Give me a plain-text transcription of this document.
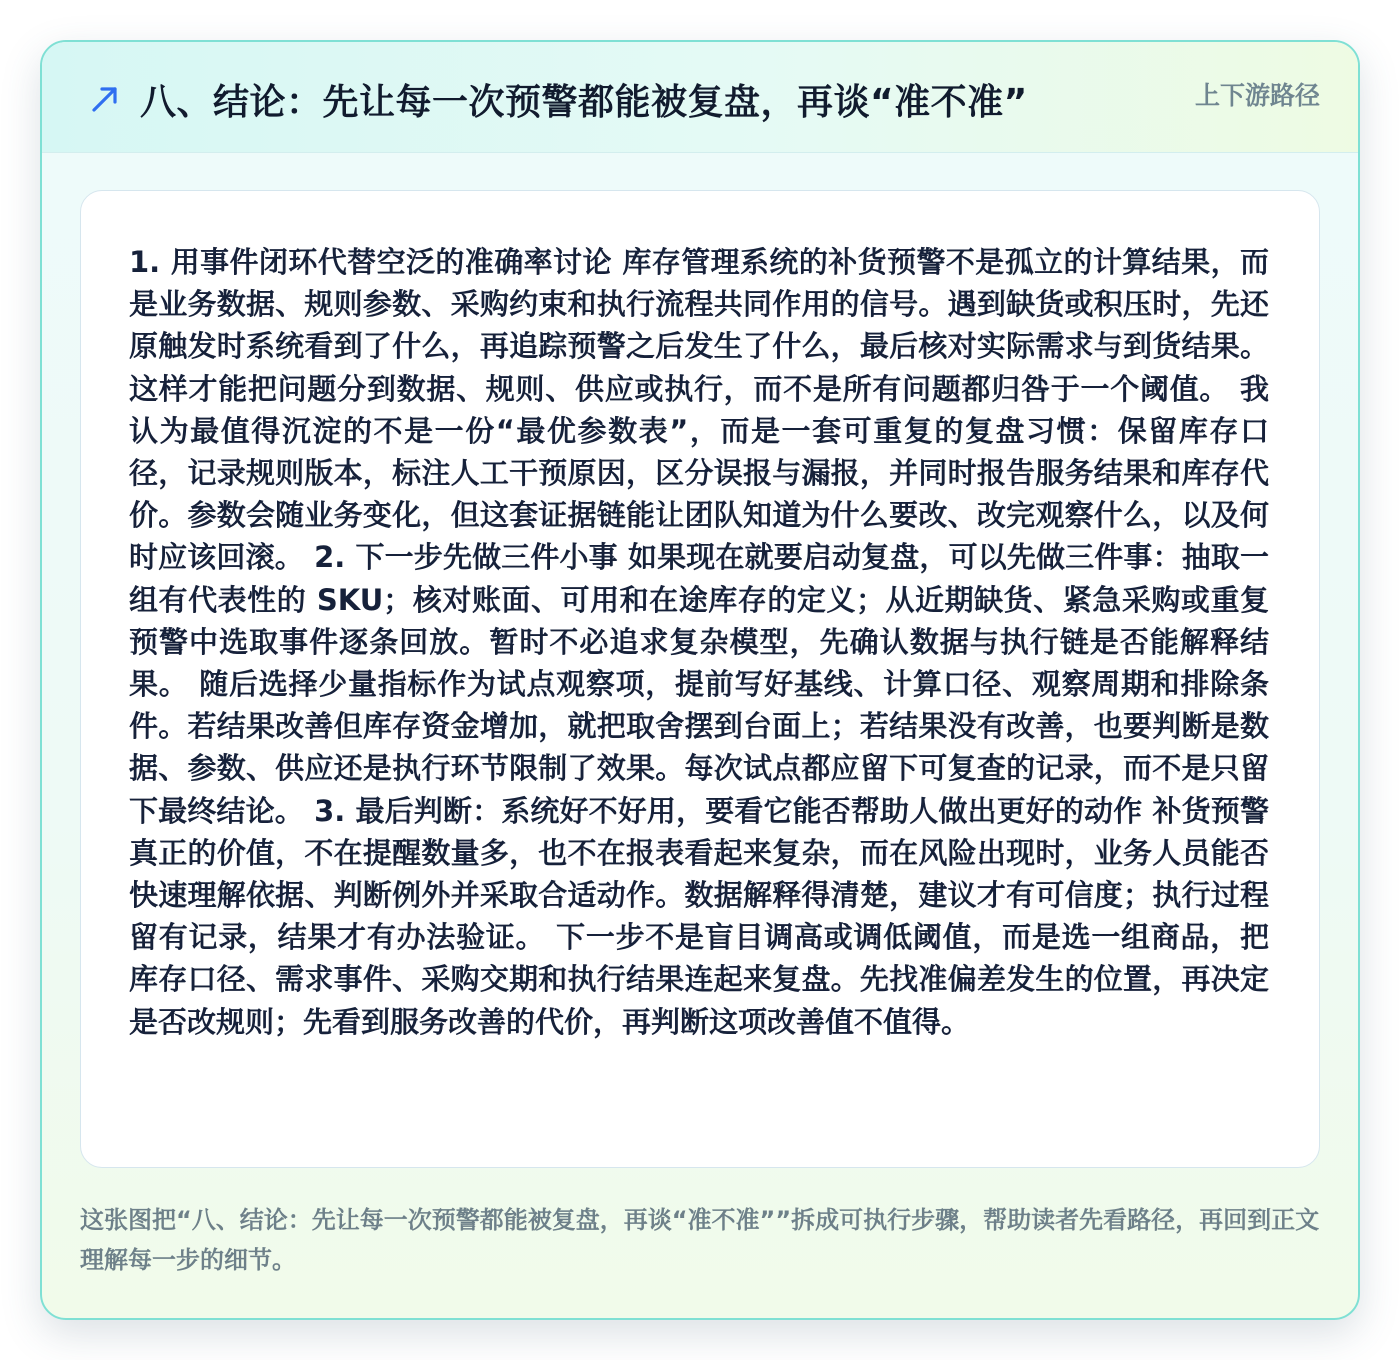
八、结论：先让每一次预警都能被复盘，再谈“准不准”	上下游路径

1. 用事件闭环代替空泛的准确率讨论 库存管理系统的补货预警不是孤立的计算结果，而是业务数据、规则参数、采购约束和执行流程共同作用的信号。遇到缺货或积压时，先还原触发时系统看到了什么，再追踪预警之后发生了什么，最后核对实际需求与到货结果。这样才能把问题分到数据、规则、供应或执行，而不是所有问题都归咎于一个阈值。 我认为最值得沉淀的不是一份“最优参数表”，而是一套可重复的复盘习惯：保留库存口径，记录规则版本，标注人工干预原因，区分误报与漏报，并同时报告服务结果和库存代价。参数会随业务变化，但这套证据链能让团队知道为什么要改、改完观察什么，以及何时应该回滚。 2. 下一步先做三件小事 如果现在就要启动复盘，可以先做三件事：抽取一组有代表性的 SKU；核对账面、可用和在途库存的定义；从近期缺货、紧急采购或重复预警中选取事件逐条回放。暂时不必追求复杂模型，先确认数据与执行链是否能解释结果。 随后选择少量指标作为试点观察项，提前写好基线、计算口径、观察周期和排除条件。若结果改善但库存资金增加，就把取舍摆到台面上；若结果没有改善，也要判断是数据、参数、供应还是执行环节限制了效果。每次试点都应留下可复查的记录，而不是只留下最终结论。 3. 最后判断：系统好不好用，要看它能否帮助人做出更好的动作 补货预警真正的价值，不在提醒数量多，也不在报表看起来复杂，而在风险出现时，业务人员能否快速理解依据、判断例外并采取合适动作。数据解释得清楚，建议才有可信度；执行过程留有记录，结果才有办法验证。 下一步不是盲目调高或调低阈值，而是选一组商品，把库存口径、需求事件、采购交期和执行结果连起来复盘。先找准偏差发生的位置，再决定是否改规则；先看到服务改善的代价，再判断这项改善值不值得。

这张图把“八、结论：先让每一次预警都能被复盘，再谈“准不准””拆成可执行步骤，帮助读者先看路径，再回到正文理解每一步的细节。
